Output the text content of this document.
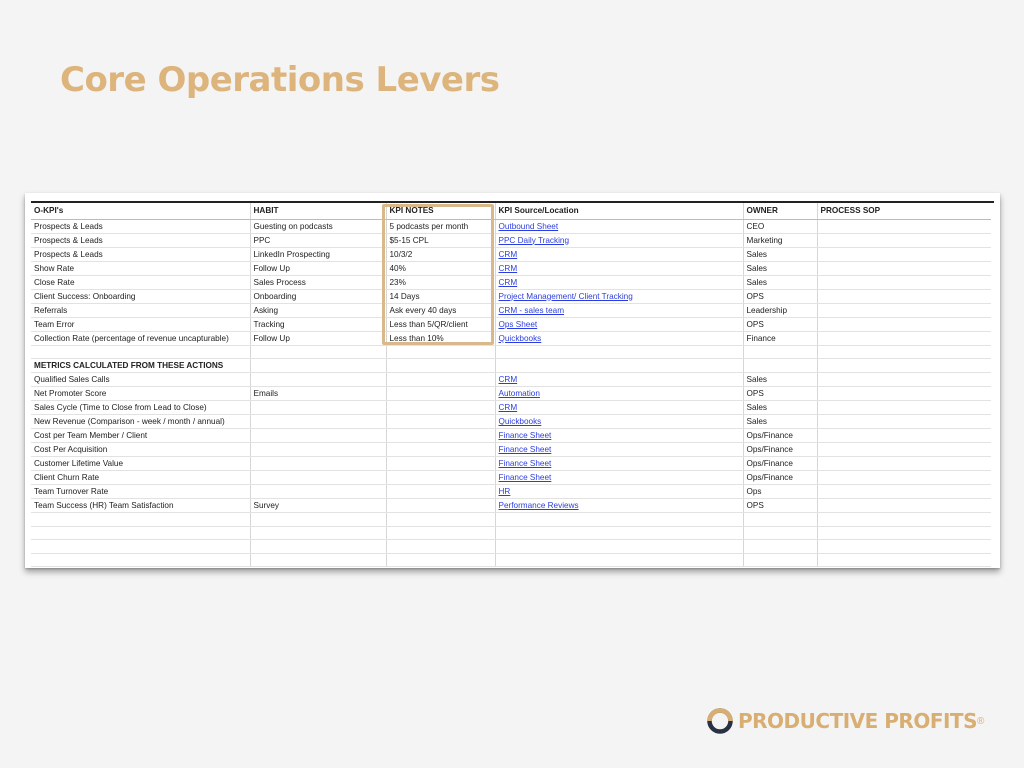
Core Operations Levers
O-KPI's	HABIT	KPI NOTES	KPI Source/Location	OWNER	PROCESS SOP
Prospects & Leads	Guesting on podcasts	5 podcasts per month	Outbound Sheet	CEO	
Prospects & Leads	PPC	$5-15 CPL	PPC Daily Tracking	Marketing	
Prospects & Leads	LinkedIn Prospecting	10/3/2	CRM	Sales	
Show Rate	Follow Up	40%	CRM	Sales	
Close Rate	Sales Process	23%	CRM	Sales	
Client Success: Onboarding	Onboarding	14 Days	Project Management/ Client Tracking	OPS	
Referrals	Asking	Ask every 40 days	CRM - sales team	Leadership	
Team Error	Tracking	Less than 5/QR/client	Ops Sheet	OPS	
Collection Rate (percentage of revenue uncapturable)	Follow Up	Less than 10%	Quickbooks	Finance	

METRICS CALCULATED FROM THESE ACTIONS					
Qualified Sales Calls			CRM	Sales	
Net Promoter Score	Emails		Automation	OPS	
Sales Cycle (Time to Close from Lead to Close)			CRM	Sales	
New Revenue (Comparison - week / month / annual)			Quickbooks	Sales	
Cost per Team Member / Client			Finance Sheet	Ops/Finance	
Cost Per Acquisition			Finance Sheet	Ops/Finance	
Customer Lifetime Value			Finance Sheet	Ops/Finance	
Client Churn Rate			Finance Sheet	Ops/Finance	
Team Turnover Rate			HR	Ops	
Team Success (HR) Team Satisfaction	Survey		Performance Reviews	OPS	

PRODUCTIVE PROFITS ®
